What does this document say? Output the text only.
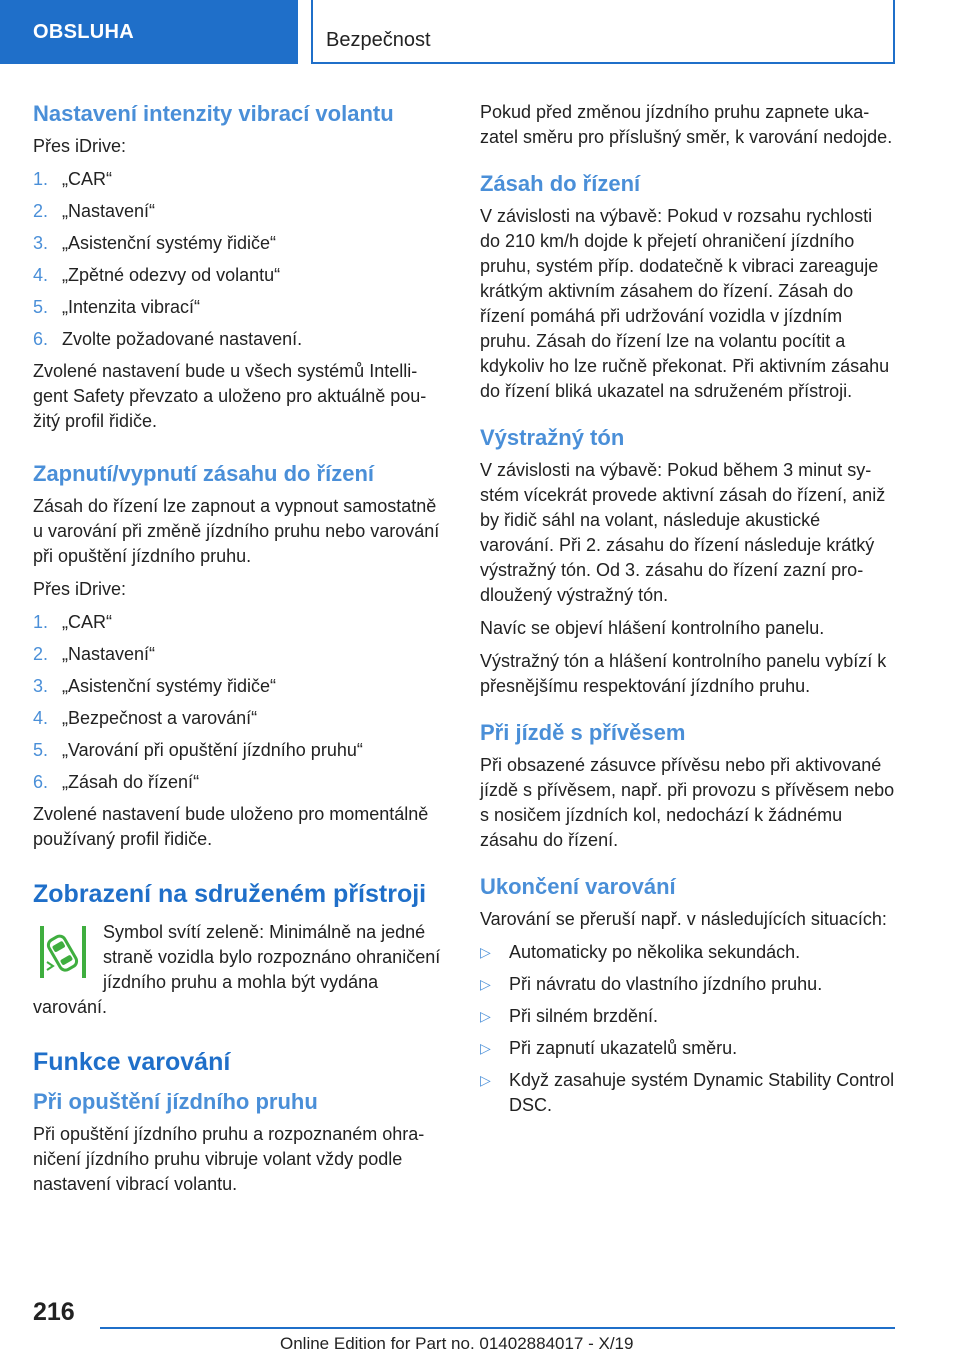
OBSLUHA	Bezpečnost
Nastavení intenzity vibrací volantu

Přes iDrive:

1. „CAR“
2. „Nastavení“
3. „Asistenční systémy řidiče“
4. „Zpětné odezvy od volantu“
5. „Intenzita vibrací“
6. Zvolte požadované nastavení.

Zvolené nastavení bude u všech systémů Intelligent Safety převzato a uloženo pro aktuálně použitý profil řidiče.

Zapnutí/vypnutí zásahu do řízení

Zásah do řízení lze zapnout a vypnout samostatně u varování při změně jízdního pruhu nebo varování při opuštění jízdního pruhu.

Přes iDrive:

1. „CAR“
2. „Nastavení“
3. „Asistenční systémy řidiče“
4. „Bezpečnost a varování“
5. „Varování při opuštění jízdního pruhu“
6. „Zásah do řízení“

Zvolené nastavení bude uloženo pro momentálně používaný profil řidiče.

Zobrazení na sdruženém přístroji

Symbol svítí zeleně: Minimálně na jedné straně vozidla bylo rozpoznáno ohraničení jízdního pruhu a mohla být vydána varování.

Funkce varování
Při opuštění jízdního pruhu

Při opuštění jízdního pruhu a rozpoznaném ohraničení jízdního pruhu vibruje volant vždy podle nastavení vibrací volantu.

Pokud před změnou jízdního pruhu zapnete ukazatel směru pro příslušný směr, k varování nedojde.

Zásah do řízení

V závislosti na výbavě: Pokud v rozsahu rychlosti do 210 km/h dojde k přejetí ohraničení jízdního pruhu, systém příp. dodatečně k vibraci zareaguje krátkým aktivním zásahem do řízení. Zásah do řízení pomáhá při udržování vozidla v jízdním pruhu. Zásah do řízení lze na volantu pocítit a kdykoliv ho lze ručně překonat. Při aktivním zásahu do řízení bliká ukazatel na sdruženém přístroji.

Výstražný tón

V závislosti na výbavě: Pokud během 3 minut systém vícekrát provede aktivní zásah do řízení, aniž by řidič sáhl na volant, následuje akustické varování. Při 2. zásahu do řízení následuje krátký výstražný tón. Od 3. zásahu do řízení zazní prodloužený výstražný tón.

Navíc se objeví hlášení kontrolního panelu.

Výstražný tón a hlášení kontrolního panelu vybízí k přesnějšímu respektování jízdního pruhu.

Při jízdě s přívěsem

Při obsazené zásuvce přívěsu nebo při aktivované jízdě s přívěsem, např. při provozu s přívěsem nebo s nosičem jízdních kol, nedochází k žádnému zásahu do řízení.

Ukončení varování

Varování se přeruší např. v následujících situacích:

▷ Automaticky po několika sekundách.
▷ Při návratu do vlastního jízdního pruhu.
▷ Při silném brzdění.
▷ Při zapnutí ukazatelů směru.
▷ Když zasahuje systém Dynamic Stability Control DSC.
216
Online Edition for Part no. 01402884017 - X/19
